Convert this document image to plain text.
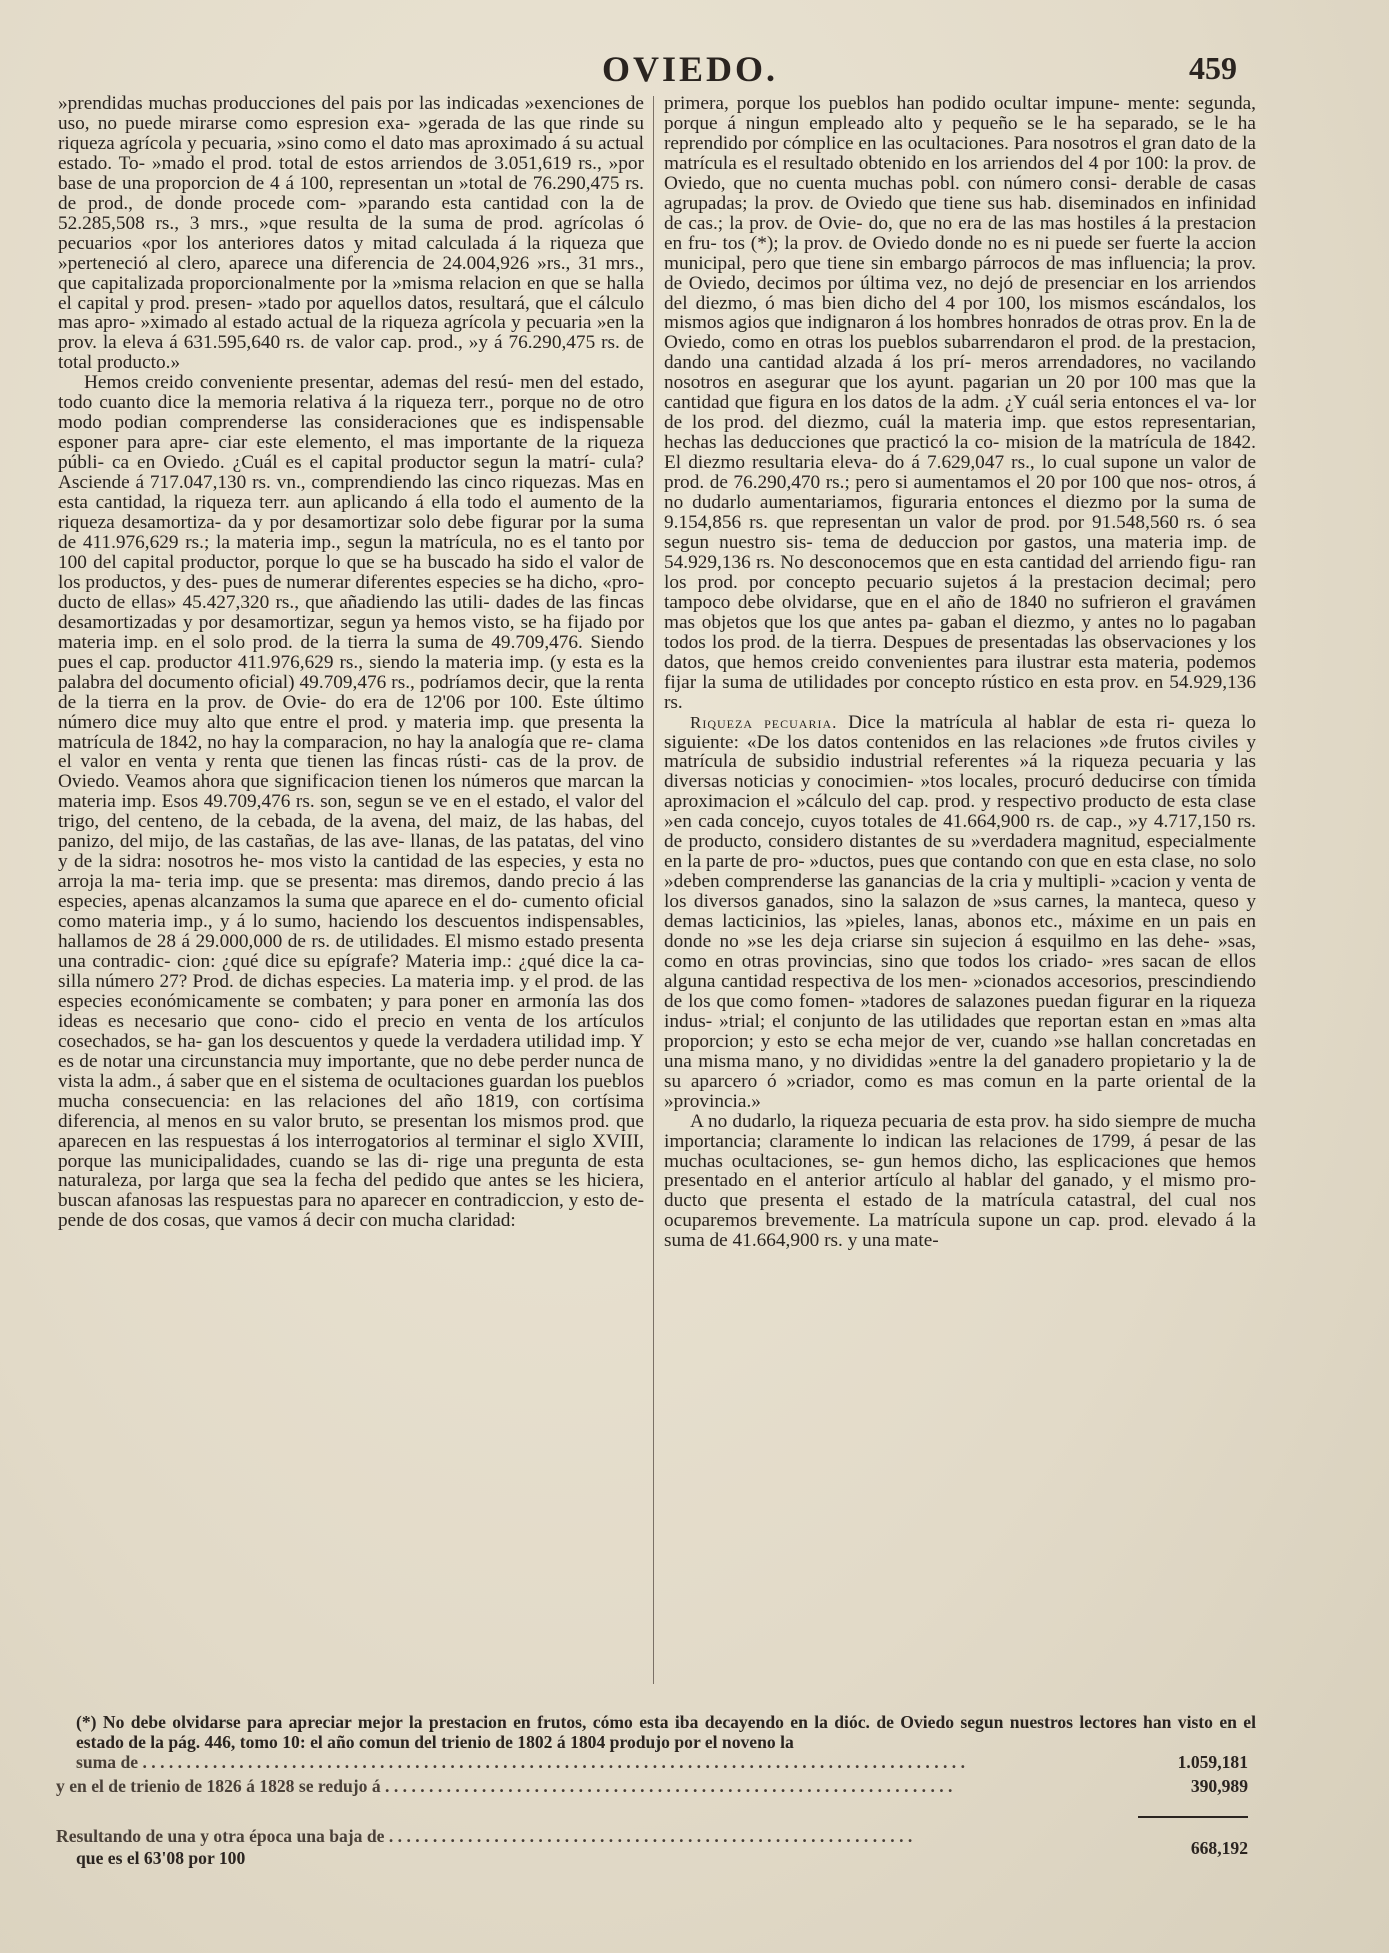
OVIEDO.	459

»prendidas muchas producciones del pais por las indicadas »exenciones de uso, no puede mirarse como espresion exa- »gerada de las que rinde su riqueza agrícola y pecuaria, »sino como el dato mas aproximado á su actual estado. To- »mado el prod. total de estos arriendos de 3.051,619 rs., »por base de una proporcion de 4 á 100, representan un »total de 76.290,475 rs. de prod., de donde procede com- »parando esta cantidad con la de 52.285,508 rs., 3 mrs., »que resulta de la suma de prod. agrícolas ó pecuarios «por los anteriores datos y mitad calculada á la riqueza que »perteneció al clero, aparece una diferencia de 24.004,926 »rs., 31 mrs., que capitalizada proporcionalmente por la »misma relacion en que se halla el capital y prod. presen- »tado por aquellos datos, resultará, que el cálculo mas apro- »ximado al estado actual de la riqueza agrícola y pecuaria »en la prov. la eleva á 631.595,640 rs. de valor cap. prod., »y á 76.290,475 rs. de total producto.»

Hemos creido conveniente presentar, ademas del resú- men del estado, todo cuanto dice la memoria relativa á la riqueza terr., porque no de otro modo podian comprenderse las consideraciones que es indispensable esponer para apre- ciar este elemento, el mas importante de la riqueza públi- ca en Oviedo. ¿Cuál es el capital productor segun la matrí- cula? Asciende á 717.047,130 rs. vn., comprendiendo las cinco riquezas. Mas en esta cantidad, la riqueza terr. aun aplicando á ella todo el aumento de la riqueza desamortiza- da y por desamortizar solo debe figurar por la suma de 411.976,629 rs.; la materia imp., segun la matrícula, no es el tanto por 100 del capital productor, porque lo que se ha buscado ha sido el valor de los productos, y des- pues de numerar diferentes especies se ha dicho, «pro- ducto de ellas» 45.427,320 rs., que añadiendo las utili- dades de las fincas desamortizadas y por desamortizar, segun ya hemos visto, se ha fijado por materia imp. en el solo prod. de la tierra la suma de 49.709,476. Siendo pues el cap. productor 411.976,629 rs., siendo la materia imp. (y esta es la palabra del documento oficial) 49.709,476 rs., podríamos decir, que la renta de la tierra en la prov. de Ovie- do era de 12'06 por 100. Este último número dice muy alto que entre el prod. y materia imp. que presenta la matrícula de 1842, no hay la comparacion, no hay la analogía que re- clama el valor en venta y renta que tienen las fincas rústi- cas de la prov. de Oviedo. Veamos ahora que significacion tienen los números que marcan la materia imp. Esos 49.709,476 rs. son, segun se ve en el estado, el valor del trigo, del centeno, de la cebada, de la avena, del maiz, de las habas, del panizo, del mijo, de las castañas, de las ave- llanas, de las patatas, del vino y de la sidra: nosotros he- mos visto la cantidad de las especies, y esta no arroja la ma- teria imp. que se presenta: mas diremos, dando precio á las especies, apenas alcanzamos la suma que aparece en el do- cumento oficial como materia imp., y á lo sumo, haciendo los descuentos indispensables, hallamos de 28 á 29.000,000 de rs. de utilidades. El mismo estado presenta una contradic- cion: ¿qué dice su epígrafe? Materia imp.: ¿qué dice la ca- silla número 27? Prod. de dichas especies. La materia imp. y el prod. de las especies económicamente se combaten; y para poner en armonía las dos ideas es necesario que cono- cido el precio en venta de los artículos cosechados, se ha- gan los descuentos y quede la verdadera utilidad imp. Y es de notar una circunstancia muy importante, que no debe perder nunca de vista la adm., á saber que en el sistema de ocultaciones guardan los pueblos mucha consecuencia: en las relaciones del año 1819, con cortísima diferencia, al menos en su valor bruto, se presentan los mismos prod. que aparecen en las respuestas á los interrogatorios al terminar el siglo XVIII, porque las municipalidades, cuando se las di- rige una pregunta de esta naturaleza, por larga que sea la fecha del pedido que antes se les hiciera, buscan afanosas las respuestas para no aparecer en contradiccion, y esto de- pende de dos cosas, que vamos á decir con mucha claridad:

primera, porque los pueblos han podido ocultar impune- mente: segunda, porque á ningun empleado alto y pequeño se le ha separado, se le ha reprendido por cómplice en las ocultaciones. Para nosotros el gran dato de la matrícula es el resultado obtenido en los arriendos del 4 por 100: la prov. de Oviedo, que no cuenta muchas pobl. con número consi- derable de casas agrupadas; la prov. de Oviedo que tiene sus hab. diseminados en infinidad de cas.; la prov. de Ovie- do, que no era de las mas hostiles á la prestacion en fru- tos (*); la prov. de Oviedo donde no es ni puede ser fuerte la accion municipal, pero que tiene sin embargo párrocos de mas influencia; la prov. de Oviedo, decimos por última vez, no dejó de presenciar en los arriendos del diezmo, ó mas bien dicho del 4 por 100, los mismos escándalos, los mismos agios que indignaron á los hombres honrados de otras prov. En la de Oviedo, como en otras los pueblos subarrendaron el prod. de la prestacion, dando una cantidad alzada á los prí- meros arrendadores, no vacilando nosotros en asegurar que los ayunt. pagarian un 20 por 100 mas que la cantidad que figura en los datos de la adm. ¿Y cuál seria entonces el va- lor de los prod. del diezmo, cuál la materia imp. que estos representarian, hechas las deducciones que practicó la co- mision de la matrícula de 1842. El diezmo resultaria eleva- do á 7.629,047 rs., lo cual supone un valor de prod. de 76.290,470 rs.; pero si aumentamos el 20 por 100 que nos- otros, á no dudarlo aumentariamos, figuraria entonces el diezmo por la suma de 9.154,856 rs. que representan un valor de prod. por 91.548,560 rs. ó sea segun nuestro sis- tema de deduccion por gastos, una materia imp. de 54.929,136 rs. No desconocemos que en esta cantidad del arriendo figu- ran los prod. por concepto pecuario sujetos á la prestacion decimal; pero tampoco debe olvidarse, que en el año de 1840 no sufrieron el gravámen mas objetos que los que antes pa- gaban el diezmo, y antes no lo pagaban todos los prod. de la tierra. Despues de presentadas las observaciones y los datos, que hemos creido convenientes para ilustrar esta materia, podemos fijar la suma de utilidades por concepto rústico en esta prov. en 54.929,136 rs.

Riqueza pecuaria. Dice la matrícula al hablar de esta ri- queza lo siguiente: «De los datos contenidos en las relaciones »de frutos civiles y matrícula de subsidio industrial referentes »á la riqueza pecuaria y las diversas noticias y conocimien- »tos locales, procuró deducirse con tímida aproximacion el »cálculo del cap. prod. y respectivo producto de esta clase »en cada concejo, cuyos totales de 41.664,900 rs. de cap., »y 4.717,150 rs. de producto, considero distantes de su »verdadera magnitud, especialmente en la parte de pro- »ductos, pues que contando con que en esta clase, no solo »deben comprenderse las ganancias de la cria y multipli- »cacion y venta de los diversos ganados, sino la salazon de »sus carnes, la manteca, queso y demas lacticinios, las »pieles, lanas, abonos etc., máxime en un pais en donde no »se les deja criarse sin sujecion á esquilmo en las dehe- »sas, como en otras provincias, sino que todos los criado- »res sacan de ellos alguna cantidad respectiva de los men- »cionados accesorios, prescindiendo de los que como fomen- »tadores de salazones puedan figurar en la riqueza indus- »trial; el conjunto de las utilidades que reportan estan en »mas alta proporcion; y esto se echa mejor de ver, cuando »se hallan concretadas en una misma mano, y no divididas »entre la del ganadero propietario y la de su aparcero ó »criador, como es mas comun en la parte oriental de la »provincia.»

A no dudarlo, la riqueza pecuaria de esta prov. ha sido siempre de mucha importancia; claramente lo indican las relaciones de 1799, á pesar de las muchas ocultaciones, se- gun hemos dicho, las esplicaciones que hemos presentado en el anterior artículo al hablar del ganado, y el mismo pro- ducto que presenta el estado de la matrícula catastral, del cual nos ocuparemos brevemente. La matrícula supone un cap. prod. elevado á la suma de 41.664,900 rs. y una mate-

(*) No debe olvidarse para apreciar mejor la prestacion en frutos, cómo esta iba decayendo en la dióc. de Oviedo segun nuestros lectores han visto en el estado de la pág. 446, tomo 10: el año comun del trienio de 1802 á 1804 produjo por el noveno la

suma de . . . . . . . . . . . . . . . . . . . . . . . . . . . . . . . . . . . . . . . . . . . . . . . . . . . . . . . . . . . . . . . . . . . . . . . . . . . . . . . . . . . . . . . . . . . . . .	1.059,181
y en el de trienio de 1826 á 1828 se redujo á . . . . . . . . . . . . . . . . . . . . . . . . . . . . . . . . . . . . . . . . . . . . . . . . . . . . . . . . . . . . . . . . .	390,989
Resultando de una y otra época una baja de . . . . . . . . . . . . . . . . . . . . . . . . . . . . . . . . . . . . . . . . . . . . . . . . . . . . . . . . . . . .
que es el 63'08 por 100	668,192
